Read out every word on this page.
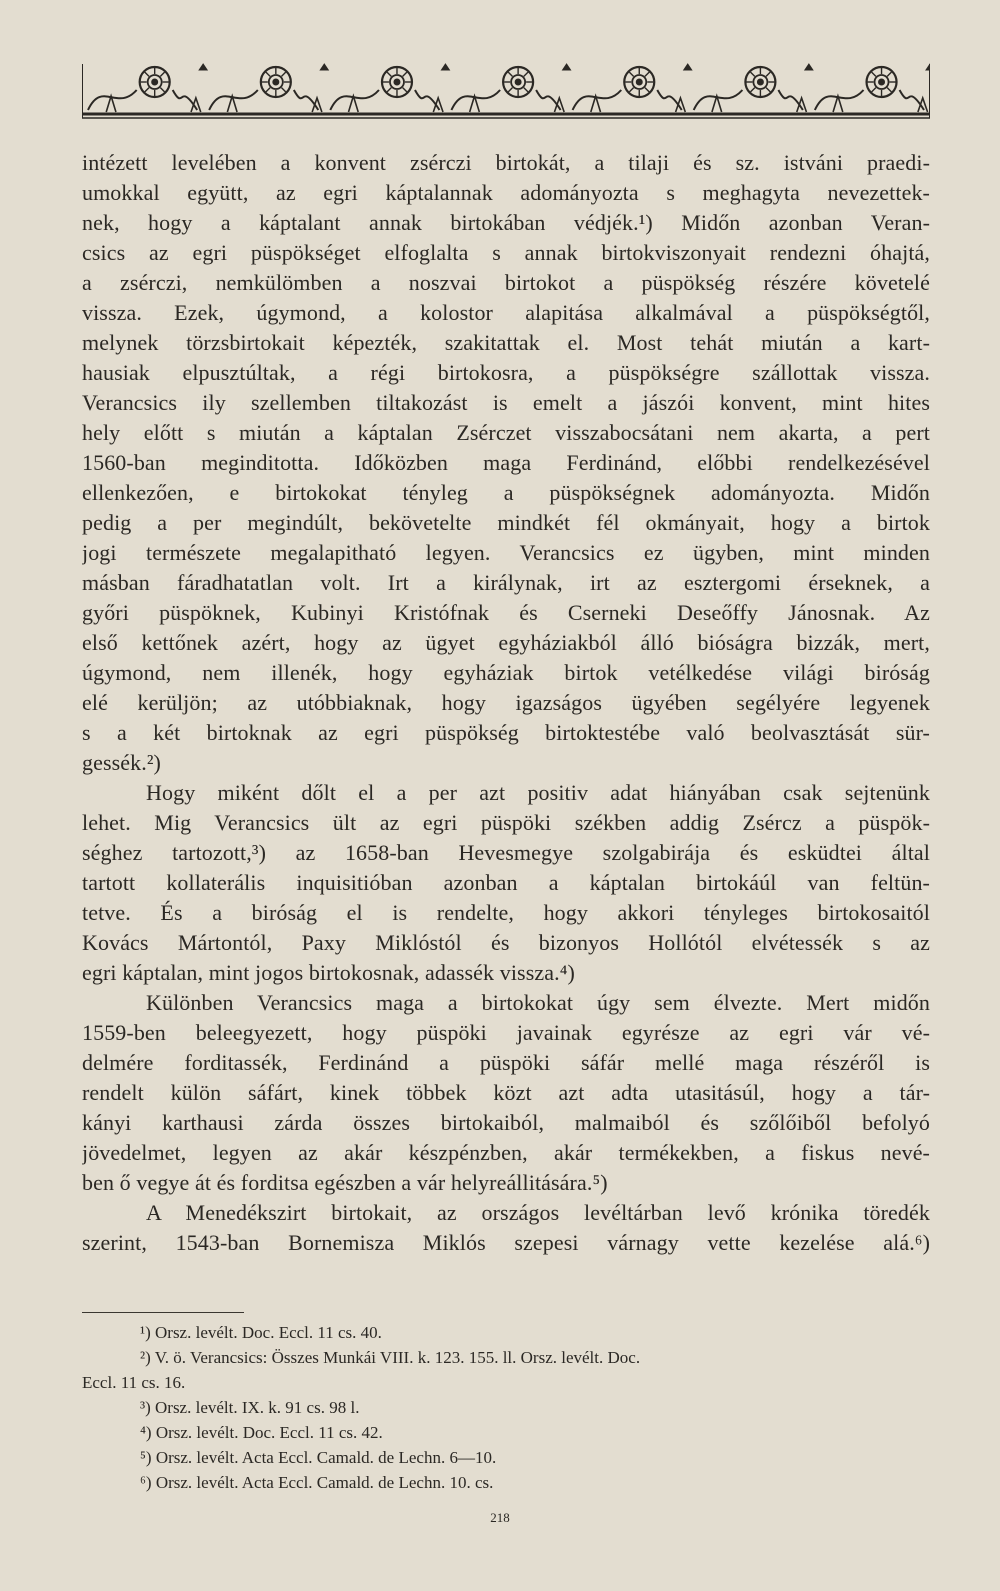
intézett levelében a konvent zsérczi birtokát, a tilaji és sz. istváni praedi-
umokkal együtt, az egri káptalannak adományozta s meghagyta nevezettek-
nek, hogy a káptalant annak birtokában védjék.¹) Midőn azonban Veran-
csics az egri püspökséget elfoglalta s annak birtokviszonyait rendezni óhajtá,
a zsérczi, nemkülömben a noszvai birtokot a püspökség részére követelé
vissza. Ezek, úgymond, a kolostor alapitása alkalmával a püspökségtől,
melynek törzsbirtokait képezték, szakitattak el. Most tehát miután a kart-
hausiak elpusztúltak, a régi birtokosra, a püspökségre szállottak vissza.
Verancsics ily szellemben tiltakozást is emelt a jászói konvent, mint hites
hely előtt s miután a káptalan Zsérczet visszabocsátani nem akarta, a pert
1560-ban meginditotta. Időközben maga Ferdinánd, előbbi rendelkezésével
ellenkezően, e birtokokat tényleg a püspökségnek adományozta. Midőn
pedig a per megindúlt, bekövetelte mindkét fél okmányait, hogy a birtok
jogi természete megalapitható legyen. Verancsics ez ügyben, mint minden
másban fáradhatatlan volt. Irt a királynak, irt az esztergomi érseknek, a
győri püspöknek, Kubinyi Kristófnak és Cserneki Deseőffy Jánosnak. Az
első kettőnek azért, hogy az ügyet egyháziakból álló bióságra bizzák, mert,
úgymond, nem illenék, hogy egyháziak birtok vetélkedése világi biróság
elé kerüljön; az utóbbiaknak, hogy igazságos ügyében segélyére legyenek
s a két birtoknak az egri püspökség birtoktestébe való beolvasztását sür-
gessék.²)
Hogy miként dőlt el a per azt positiv adat hiányában csak sejtenünk
lehet. Mig Verancsics ült az egri püspöki székben addig Zsércz a püspök-
séghez tartozott,³) az 1658-ban Hevesmegye szolgabirája és esküdtei által
tartott kollaterális inquisitióban azonban a káptalan birtokáúl van feltün-
tetve. És a biróság el is rendelte, hogy akkori tényleges birtokosaitól
Kovács Mártontól, Paxy Miklóstól és bizonyos Hollótól elvétessék s az
egri káptalan, mint jogos birtokosnak, adassék vissza.⁴)
Különben Verancsics maga a birtokokat úgy sem élvezte. Mert midőn
1559-ben beleegyezett, hogy püspöki javainak egyrésze az egri vár vé-
delmére forditassék, Ferdinánd a püspöki sáfár mellé maga részéről is
rendelt külön sáfárt, kinek többek közt azt adta utasitásúl, hogy a tár-
kányi karthausi zárda összes birtokaiból, malmaiból és szőlőiből befolyó
jövedelmet, legyen az akár készpénzben, akár termékekben, a fiskus nevé-
ben ő vegye át és forditsa egészben a vár helyreállitására.⁵)
A Menedékszirt birtokait, az országos levéltárban levő krónika töredék
szerint, 1543-ban Bornemisza Miklós szepesi várnagy vette kezelése alá.⁶)
¹) Orsz. levélt. Doc. Eccl. 11 cs. 40.
²) V. ö. Verancsics: Összes Munkái VIII. k. 123. 155. ll. Orsz. levélt. Doc.
Eccl. 11 cs. 16.
³) Orsz. levélt. IX. k. 91 cs. 98 l.
⁴) Orsz. levélt. Doc. Eccl. 11 cs. 42.
⁵) Orsz. levélt. Acta Eccl. Camald. de Lechn. 6—10.
⁶) Orsz. levélt. Acta Eccl. Camald. de Lechn. 10. cs.
218
